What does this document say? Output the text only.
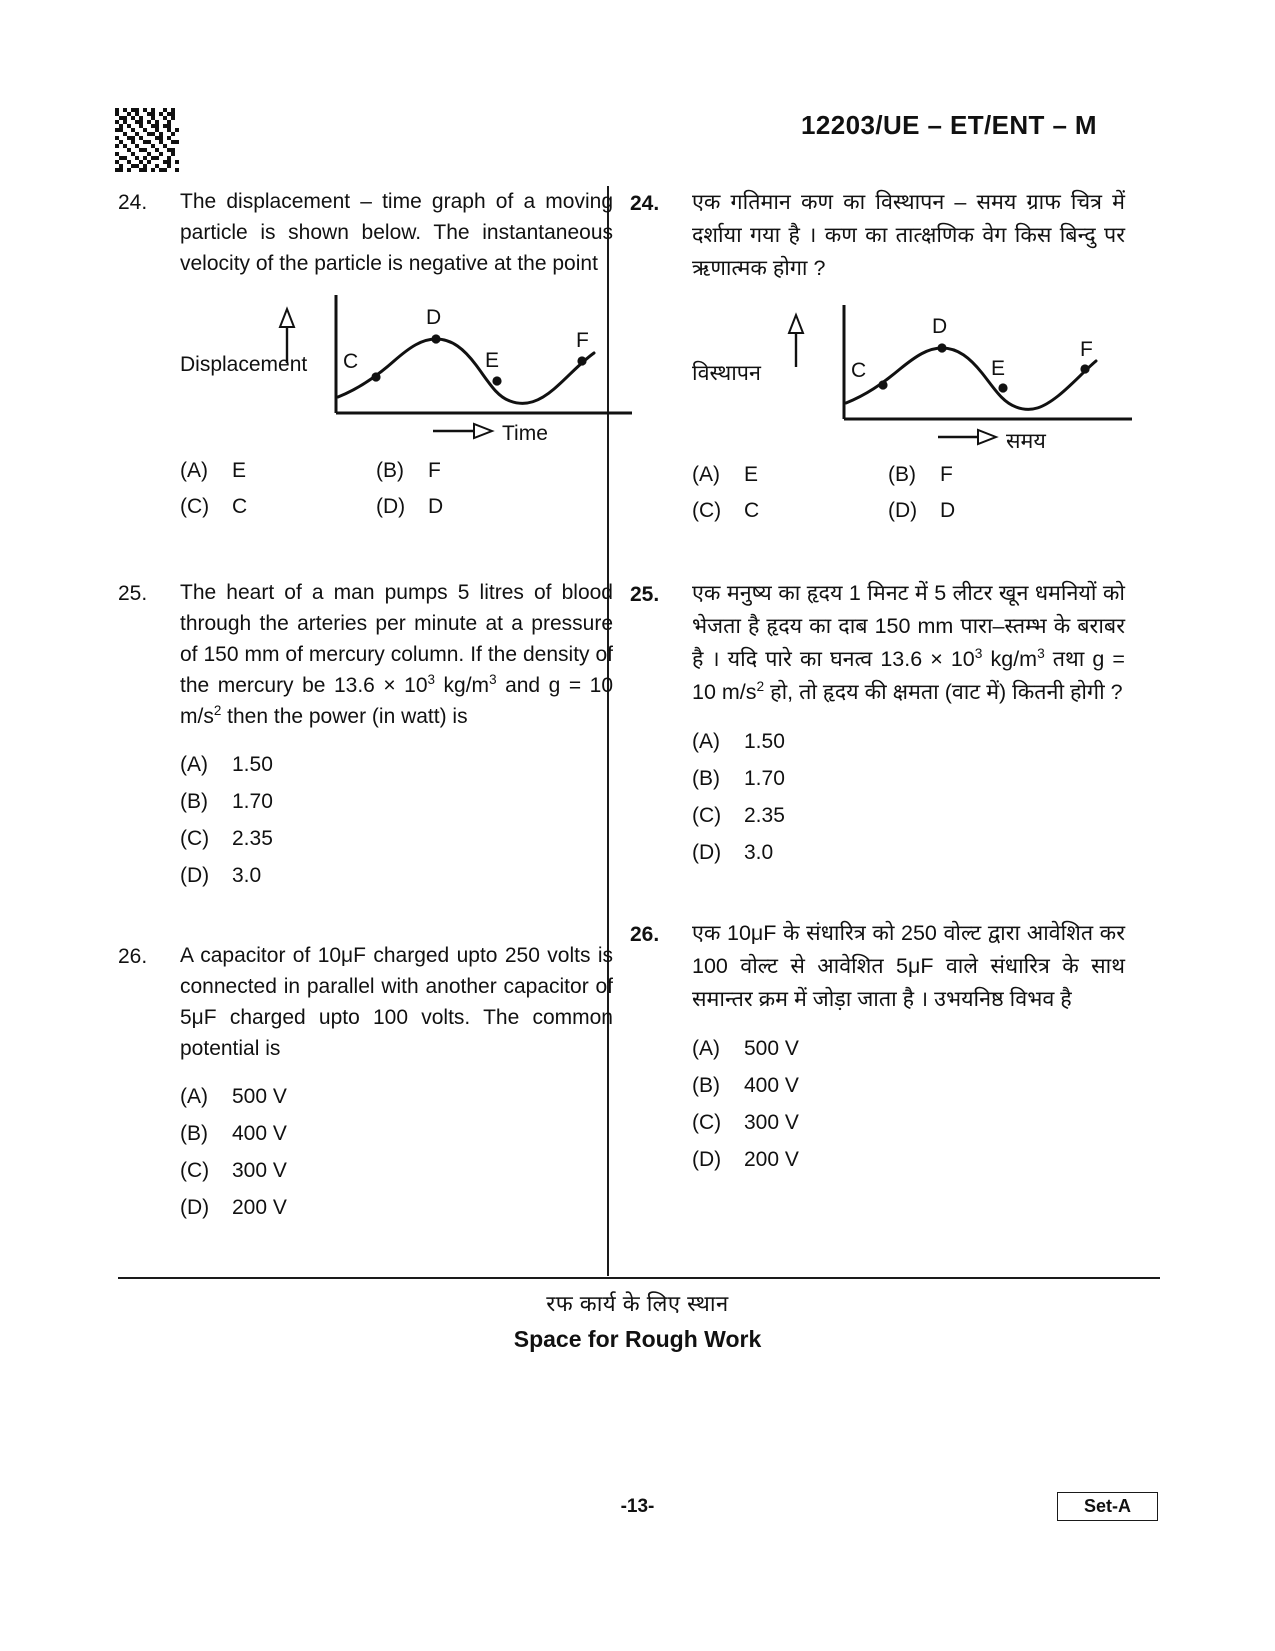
12203/UE – ET/ENT – M
24.	The displacement – time graph of a moving particle is shown below. The instantaneous velocity of the particle is negative at the point
C
D
E
F
Displacement
Time
(A)	E	(B)	F
(C)	C	(D)	D
25.	The heart of a man pumps 5 litres of blood through the arteries per minute at a pressure of 150 mm of mercury column. If the density of the mercury be $13.6 \times 10^3$ $kg/m^3$ and g = 10 $m/s^2$ then the power (in watt) is
(A)	1.50
(B)	1.70
(C)	2.35
(D)	3.0
26.	A capacitor of 10μF charged upto 250 volts is connected in parallel with another capacitor of 5μF charged upto 100 volts. The common potential is
(A)	500 V
(B)	400 V
(C)	300 V
(D)	200 V
24.	एक गतिमान कण का विस्थापन – समय ग्राफ चित्र में दर्शाया गया है । कण का तात्क्षणिक वेग किस बिन्दु पर ऋणात्मक होगा ?
C
D
E
F
विस्थापन
समय
(A)	E	(B)	F
(C)	C	(D)	D
25.	एक मनुष्य का हृदय 1 मिनट में 5 लीटर खून धमनियों को भेजता है हृदय का दाब 150 mm पारा–स्तम्भ के बराबर है । यदि पारे का घनत्व $13.6 \times 10^3$ $kg/m^3$ तथा g = 10 $m/s^2$ हो, तो हृदय की क्षमता (वाट में) कितनी होगी ?
(A)	1.50
(B)	1.70
(C)	2.35
(D)	3.0
26.	एक 10μF के संधारित्र को 250 वोल्ट द्वारा आवेशित कर 100 वोल्ट से आवेशित 5μF वाले संधारित्र के साथ समान्तर क्रम में जोड़ा जाता है । उभयनिष्ठ विभव है
(A)	500 V
(B)	400 V
(C)	300 V
(D)	200 V
रफ कार्य के लिए स्थान
Space for Rough Work
-13-	Set-A
